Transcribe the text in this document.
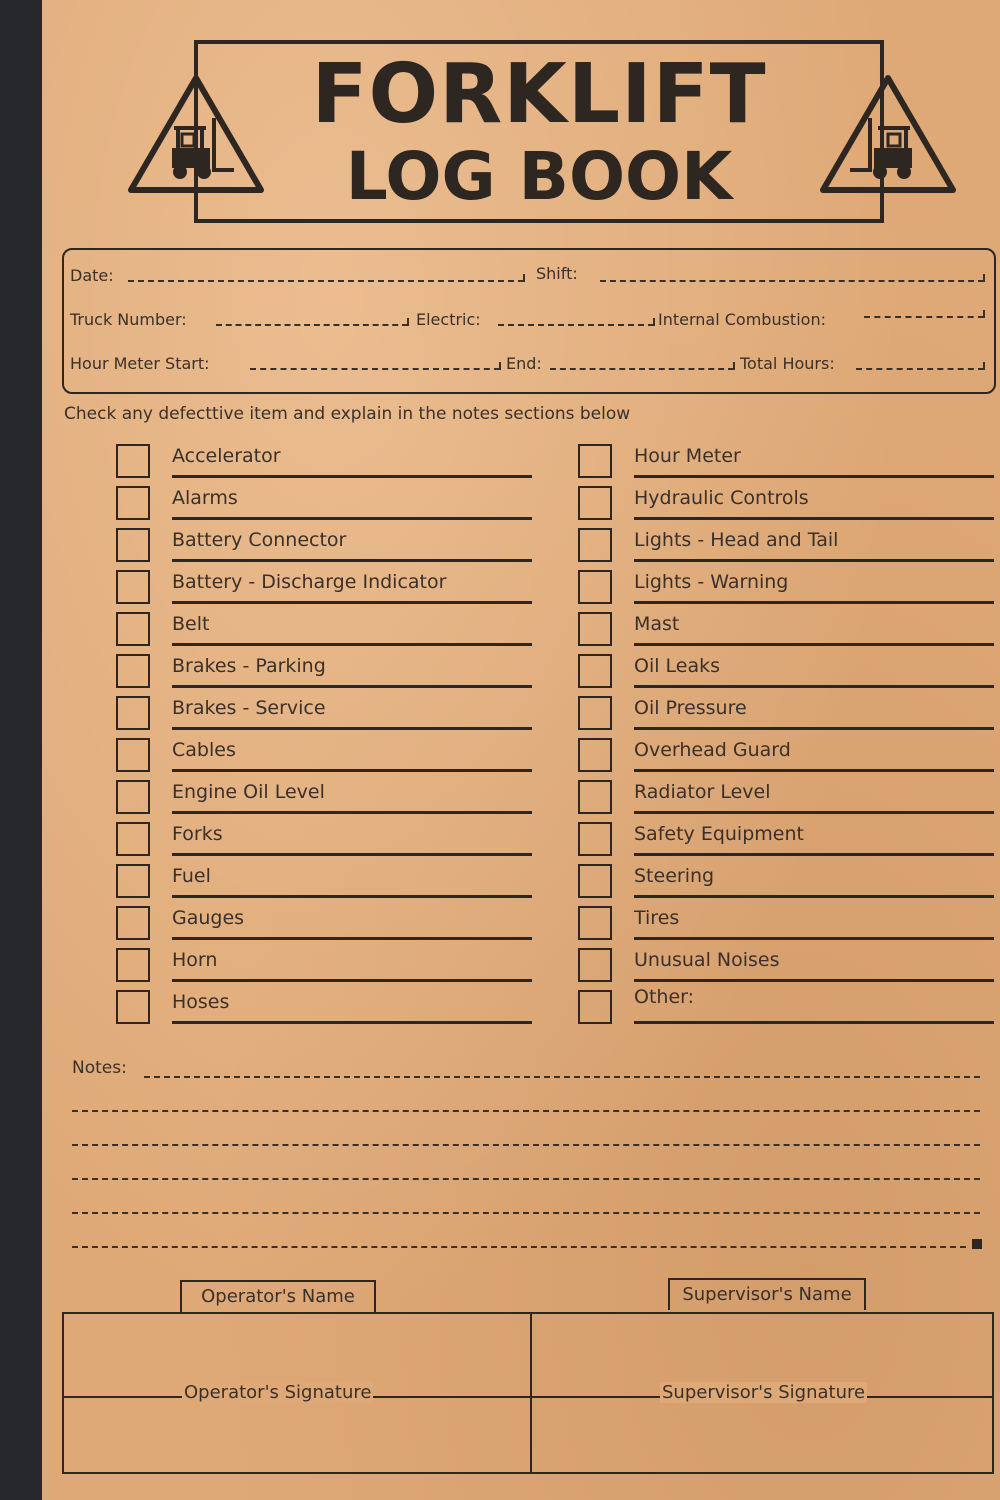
FORKLIFT
LOG BOOK
Date:	Shift:
Truck Number:	Electric:	Internal Combustion:
Hour Meter Start:	End:	Total Hours:
Check any defecttive item and explain in the notes sections below
Accelerator
Alarms
Battery Connector
Battery - Discharge Indicator
Belt
Brakes - Parking
Brakes - Service
Cables
Engine Oil Level
Forks
Fuel
Gauges
Horn
Hoses
Hour Meter
Hydraulic Controls
Lights - Head and Tail
Lights - Warning
Mast
Oil Leaks
Oil Pressure
Overhead Guard
Radiator Level
Safety Equipment
Steering
Tires
Unusual Noises
Other:
Notes:
Operator's Name	Supervisor's Name
Operator's Signature	Supervisor's Signature
